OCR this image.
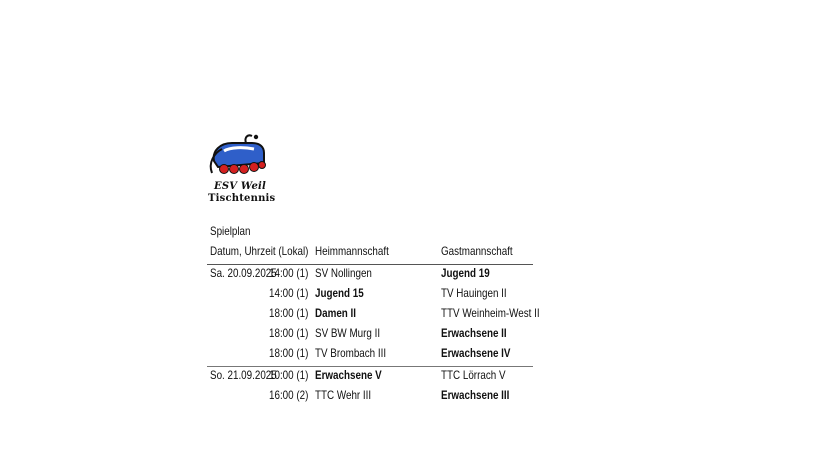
ESV Weil
Tischtennis
Spielplan
Datum, Uhrzeit (Lokal) Heimmannschaft	Gastmannschaft
Sa. 20.09.2025
14:00 (1) SV Nollingen	Jugend 19
14:00 (1) Jugend 15	TV Hauingen II
18:00 (1) Damen II	TTV Weinheim-West II
18:00 (1) SV BW Murg II	Erwachsene II
18:00 (1) TV Brombach III	Erwachsene IV
So. 21.09.2025
10:00 (1) Erwachsene V	TTC Lörrach V
16:00 (2) TTC Wehr III	Erwachsene III
